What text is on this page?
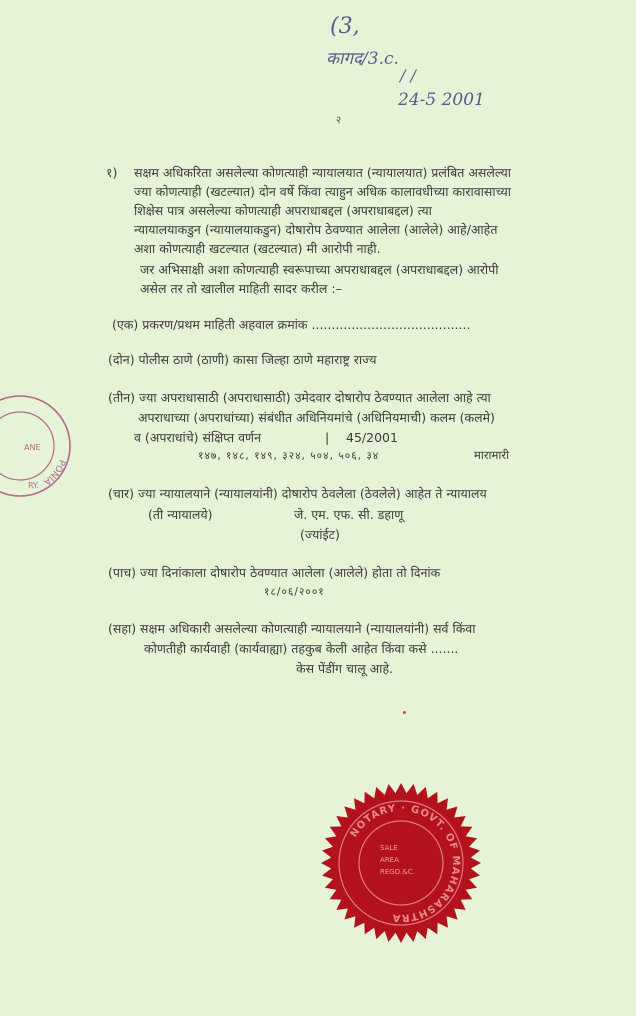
(3,
कागद/3.c.
/ /
24-5 2001
२
१) सक्षम अधिकरिता असलेल्या कोणत्याही न्यायालयात (न्यायालयात) प्रलंबित असलेल्या
ज्या कोणत्याही (खटल्यात) दोन वर्षे किंवा त्याहुन अधिक कालावधीच्या कारावासाच्या
शिक्षेस पात्र असलेल्या कोणत्याही अपराधाबद्दल (अपराधाबद्दल) त्या
न्यायालयाकडुन (न्यायालयाकडुन) दोषारोप ठेवण्यात आलेला (आलेले) आहे/आहेत
अशा कोणत्याही खटल्यात (खटल्यात) मी आरोपी नाही.
जर अभिसाक्षी अशा कोणत्याही स्वरूपाच्या अपराधाबद्दल (अपराधाबद्दल) आरोपी
असेल तर तो खालील माहिती सादर करील :–
(एक) प्रकरण/प्रथम माहिती अहवाल क्रमांक ........................................
(दोन) पोलीस ठाणे (ठाणी) कासा जिल्हा ठाणे महाराष्ट्र राज्य
(तीन) ज्या अपराधासाठी (अपराधासाठी) उमेदवार दोषारोप ठेवण्यात आलेला आहे त्या
अपराधाच्या (अपराधांच्या) संबंधीत अधिनियमांचे (अधिनियमाची) कलम (कलमे)
व (अपराधांचे) संक्षिप्त वर्णन	| 45/2001
१४७, १४८, १४९, ३२४, ५०४, ५०६, ३४	मारामारी
(चार) ज्या न्यायालयाने (न्यायालयांनी) दोषारोप ठेवलेला (ठेवलेले) आहेत ते न्यायालय
(ती न्यायालये)	जे. एम. एफ. सी. डहाणू
(ज्यांईट)
(पाच) ज्या दिनांकाला दोषारोप ठेवण्यात आलेला (आलेले) होता तो दिनांक
१८/०६/२००१
(सहा) सक्षम अधिकारी असलेल्या कोणत्याही न्यायालयाने (न्यायालयांनी) सर्व किंवा
कोणतीही कार्यवाही (कार्यवाह्या) तहकुब केली आहेत किंवा कसे .......
केस पेंडींग चालू आहे.
PONIA
ANE
RY.
NOTARY · GOVT. OF MAHARASHTRA
SALE
AREA
REGD.&C.
